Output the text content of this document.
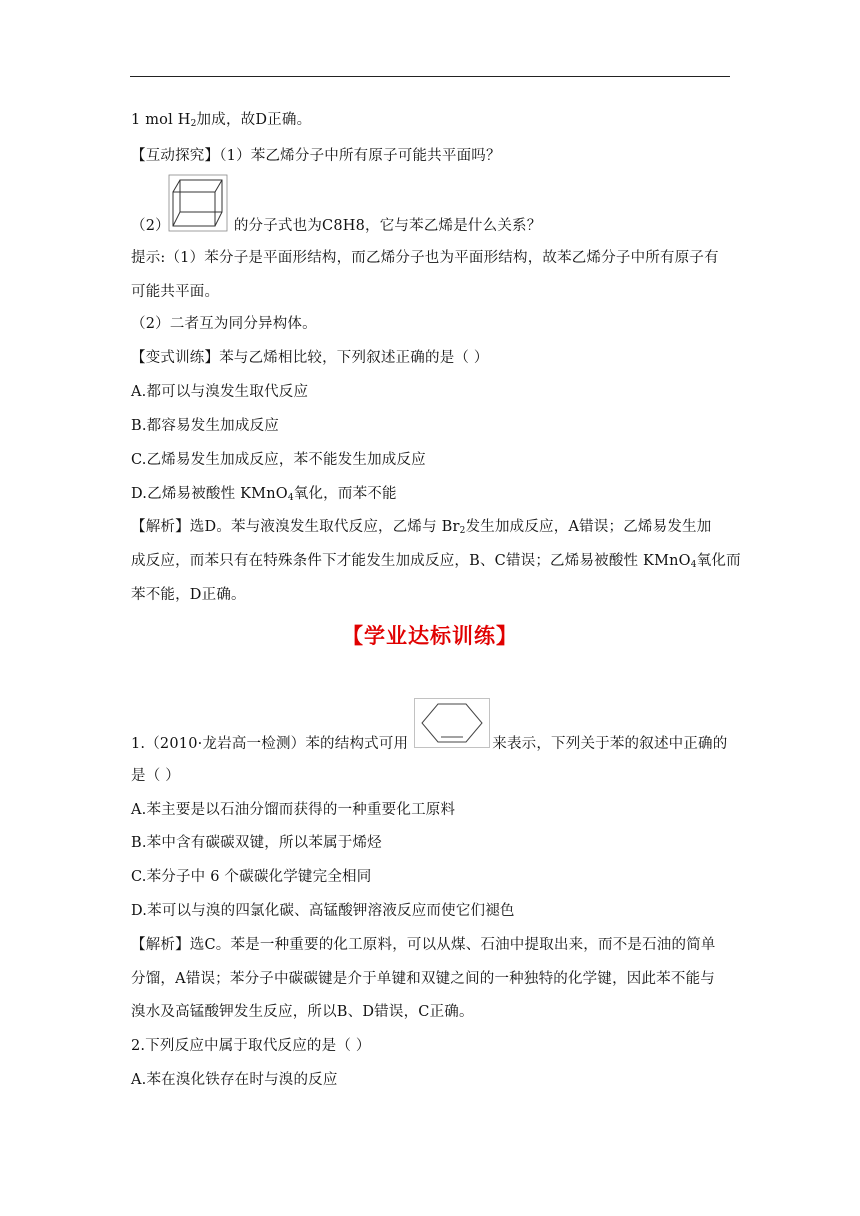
1 mol $H_2$加成，故D正确。
【互动探究】（1）苯乙烯分子中所有原子可能共平面吗？
（2）	的分子式也为C8H8，它与苯乙烯是什么关系？
提示:（1）苯分子是平面形结构，而乙烯分子也为平面形结构，故苯乙烯分子中所有原子有
可能共平面。
（2）二者互为同分异构体。
【变式训练】苯与乙烯相比较，下列叙述正确的是（ ）
A.都可以与溴发生取代反应
B.都容易发生加成反应
C.乙烯易发生加成反应，苯不能发生加成反应
D.乙烯易被酸性 KMnO$_4$氧化，而苯不能
【解析】选D。苯与液溴发生取代反应，乙烯与 $Br_2$发生加成反应，A错误；乙烯易发生加
成反应，而苯只有在特殊条件下才能发生加成反应，B、C错误；乙烯易被酸性 KMnO$_4$氧化而
苯不能，D正确。
【学业达标训练】
1.（2010·龙岩高一检测）苯的结构式可用	来表示，下列关于苯的叙述中正确的
是（ ）
A.苯主要是以石油分馏而获得的一种重要化工原料
B.苯中含有碳碳双键，所以苯属于烯烃
C.苯分子中 6 个碳碳化学键完全相同
D.苯可以与溴的四氯化碳、高锰酸钾溶液反应而使它们褪色
【解析】选C。苯是一种重要的化工原料，可以从煤、石油中提取出来，而不是石油的简单
分馏，A错误；苯分子中碳碳键是介于单键和双键之间的一种独特的化学键，因此苯不能与
溴水及高锰酸钾发生反应，所以B、D错误，C正确。
2.下列反应中属于取代反应的是（ ）
A.苯在溴化铁存在时与溴的反应
